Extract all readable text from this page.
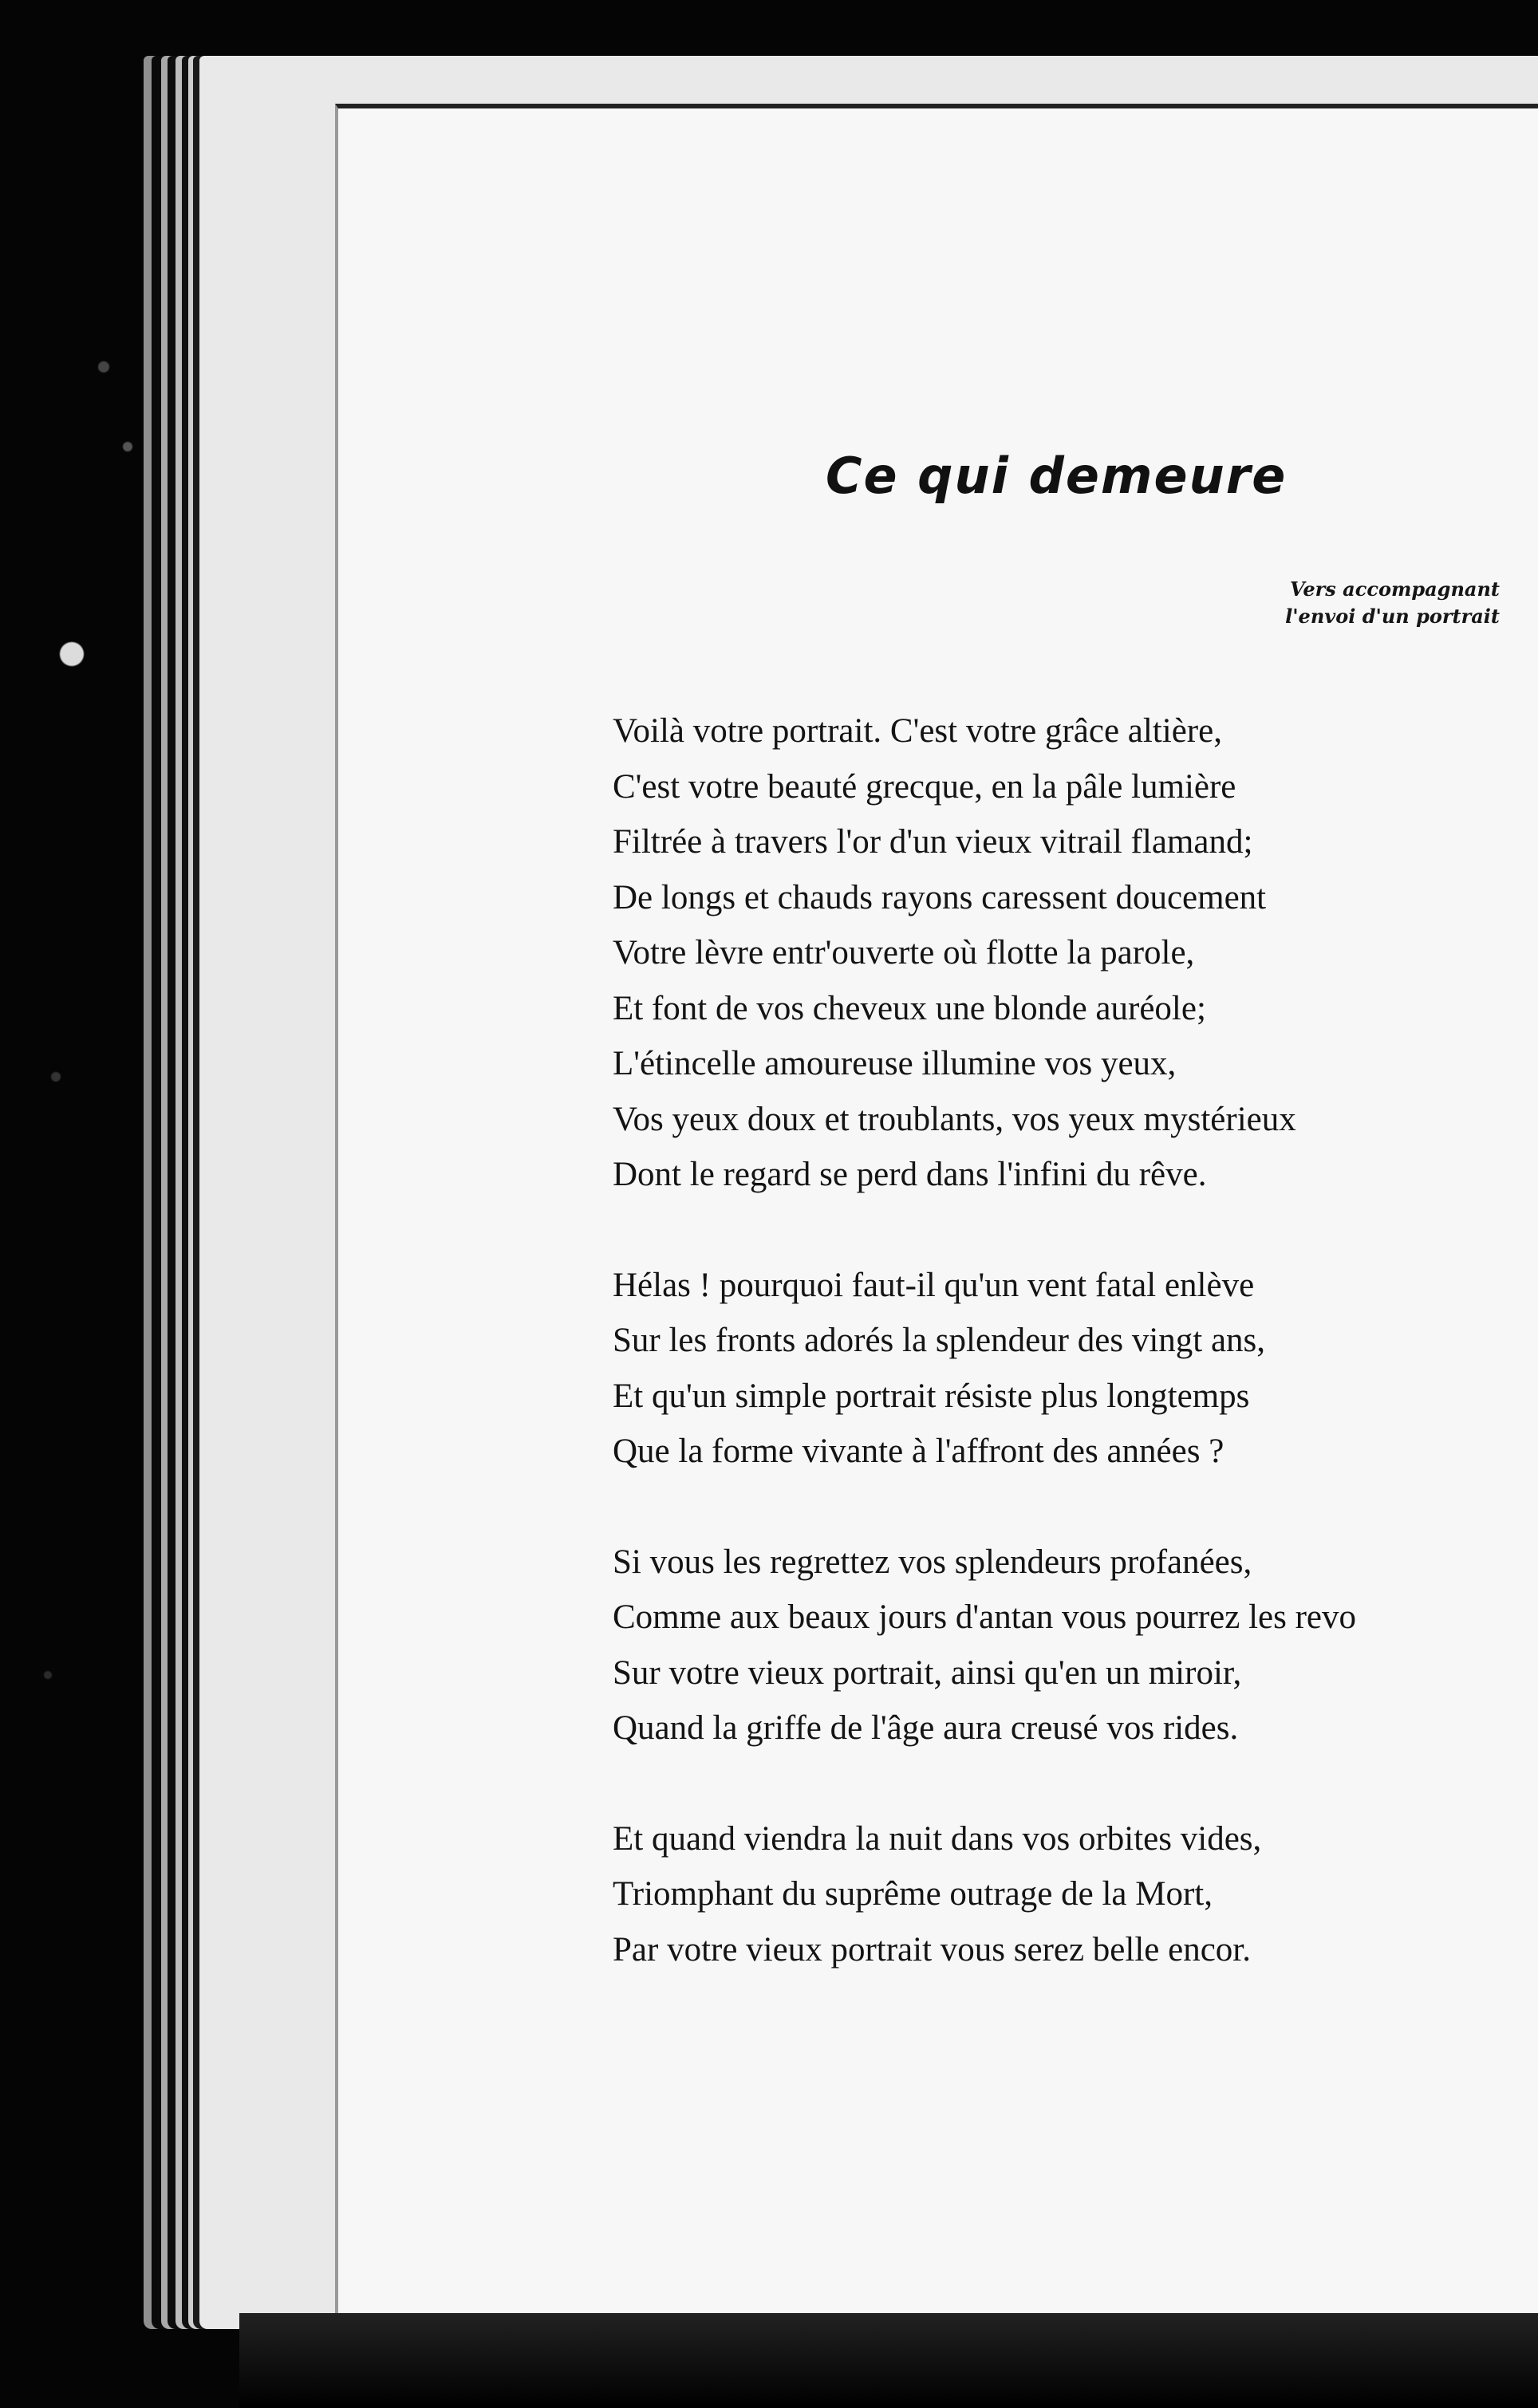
Ce qui demeure
Vers accompagnant
l'envoi d'un portrait
Voilà votre portrait. C'est votre grâce altière,
C'est votre beauté grecque, en la pâle lumière
Filtrée à travers l'or d'un vieux vitrail flamand;
De longs et chauds rayons caressent doucement
Votre lèvre entr'ouverte où flotte la parole,
Et font de vos cheveux une blonde auréole;
L'étincelle amoureuse illumine vos yeux,
Vos yeux doux et troublants, vos yeux mystérieux
Dont le regard se perd dans l'infini du rêve.
Hélas ! pourquoi faut-il qu'un vent fatal enlève
Sur les fronts adorés la splendeur des vingt ans,
Et qu'un simple portrait résiste plus longtemps
Que la forme vivante à l'affront des années ?
Si vous les regrettez vos splendeurs profanées,
Comme aux beaux jours d'antan vous pourrez les revo
Sur votre vieux portrait, ainsi qu'en un miroir,
Quand la griffe de l'âge aura creusé vos rides.
Et quand viendra la nuit dans vos orbites vides,
Triomphant du suprême outrage de la Mort,
Par votre vieux portrait vous serez belle encor.
